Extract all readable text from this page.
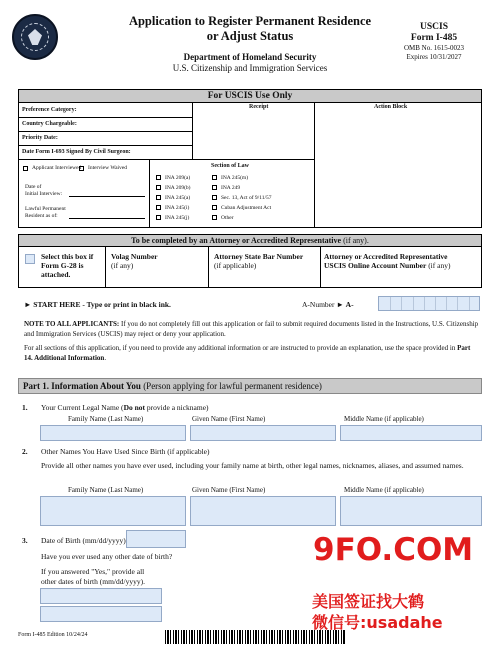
Application to Register Permanent Residence
or Adjust Status
Department of Homeland Security
U.S. Citizenship and Immigration Services
USCIS
Form I-485
OMB No. 1615-0023
Expires 10/31/2027
For USCIS Use Only
Receipt	Action Block
Preference Category:
Country Chargeable:
Priority Date:
Date Form I-693 Signed By Civil Surgeon:
Applicant Interviewed	Interview Waived
Date of
Initial Interview:
Lawful Permanent
Resident as of:
Section of Law
INA 209(a)
INA 209(b)
INA 245(a)
INA 245(i)
INA 245(j)
INA 245(m)
INA 249
Sec. 13, Act of 9/11/57
Cuban Adjustment Act
Other
To be completed by an Attorney or Accredited Representative (if any).
Select this box if
Form G-28 is
attached.
Volag Number
(if any)
Attorney State Bar Number
(if applicable)
Attorney or Accredited Representative
USCIS Online Account Number (if any)
► START HERE - Type or print in black ink.	A-Number ► A-
NOTE TO ALL APPLICANTS: If you do not completely fill out this application or fail to submit required documents listed in the Instructions, U.S. Citizenship and Immigration Services (USCIS) may reject or deny your application.
For all sections of this application, if you need to provide any additional information or are instructed to provide an explanation, use the space provided in Part 14. Additional Information.
Part 1. Information About You (Person applying for lawful permanent residence)
1. Your Current Legal Name (Do not provide a nickname)
Family Name (Last Name)	Given Name (First Name)	Middle Name (if applicable)
2. Other Names You Have Used Since Birth (if applicable)
Provide all other names you have ever used, including your family name at birth, other legal names, nicknames, aliases, and assumed names.
Family Name (Last Name)	Given Name (First Name)	Middle Name (if applicable)
3. Date of Birth (mm/dd/yyyy)
Have you ever used any other date of birth?
If you answered "Yes," provide all
other dates of birth (mm/dd/yyyy).
Form I-485 Edition 10/24/24
9FO.COM
美国签证找大鹤
微信号:usadahe
